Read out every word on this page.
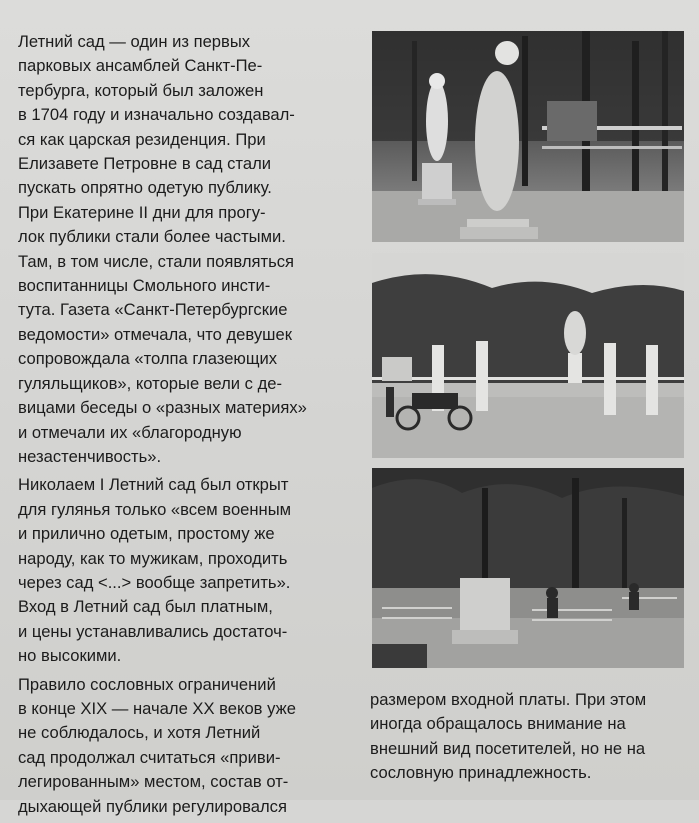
Летний сад — один из первых
парковых ансамблей Санкт-Пе-
тербурга, который был заложен
в 1704 году и изначально создавал-
ся как царская резиденция. При
Елизавете Петровне в сад стали
пускать опрятно одетую публику.
При Екатерине II дни для прогу-
лок публики стали более частыми.
Там, в том числе, стали появляться
воспитанницы Смольного инсти-
тута. Газета «Санкт-Петербургские
ведомости» отмечала, что девушек
сопровождала «толпа глазеющих
гуляльщиков», которые вели с де-
вицами беседы о «разных материях»
и отмечали их «благородную
незастенчивость».
Николаем I Летний сад был открыт
для гулянья только «всем военным
и прилично одетым, простому же
народу, как то мужикам, проходить
через сад <...> вообще запретить».
Вход в Летний сад был платным,
и цены устанавливались достаточ-
но высокими.
Правило сословных ограничений
в конце XIX — начале XX веков уже
не соблюдалось, и хотя Летний
сад продолжал считаться «приви-
легированным» местом, состав от-
дыхающей публики регулировался
размером входной платы. При этом
иногда обращалось внимание на
внешний вид посетителей, но не на
сословную принадлежность.
